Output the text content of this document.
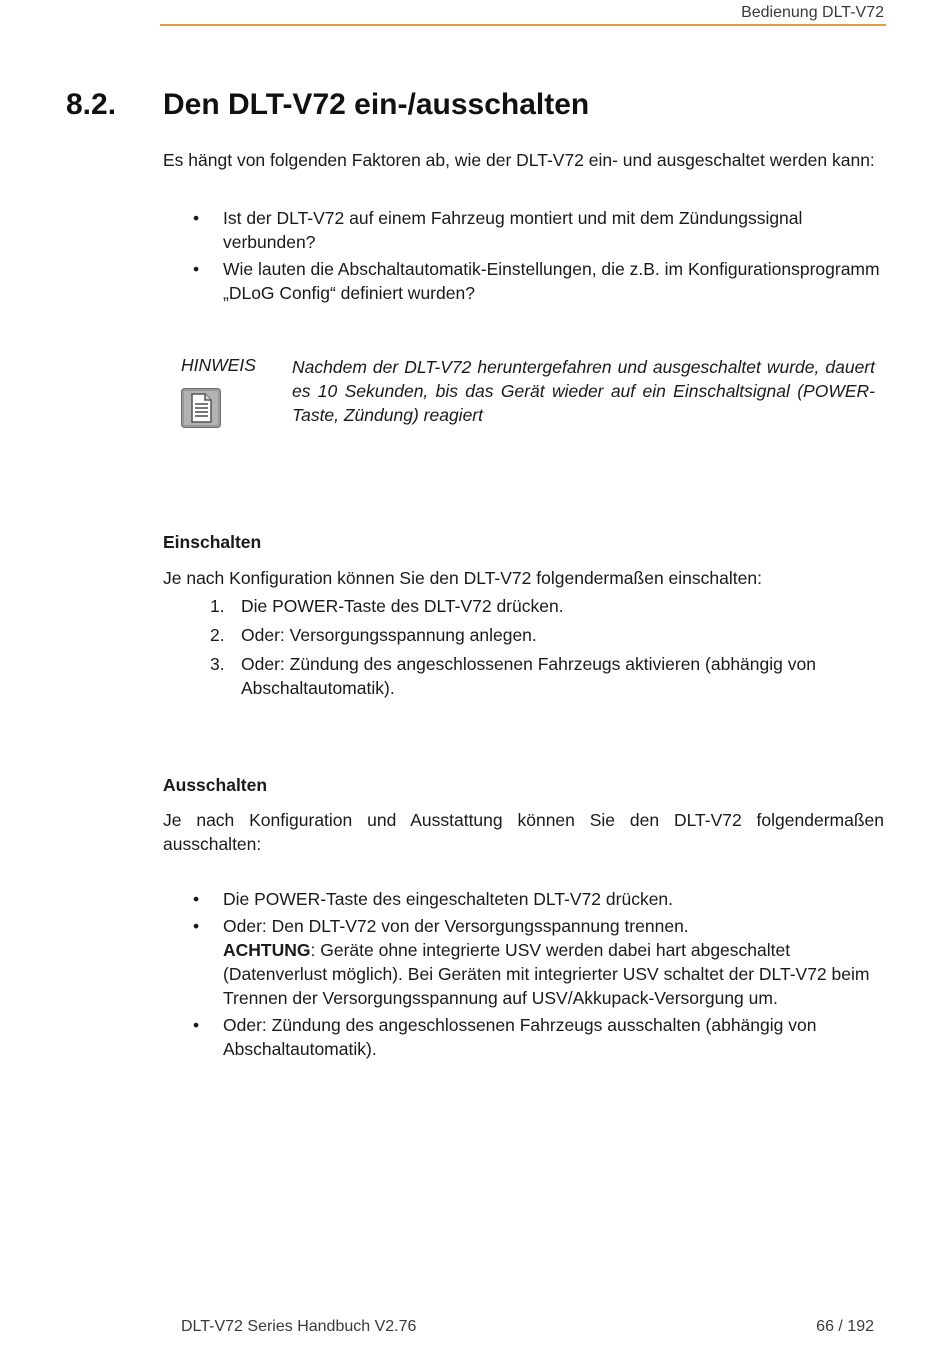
Bedienung DLT-V72
8.2. Den DLT-V72 ein-/ausschalten
Es hängt von folgenden Faktoren ab, wie der DLT-V72 ein- und ausgeschaltet werden kann:
• Ist der DLT-V72 auf einem Fahrzeug montiert und mit dem Zündungssignal verbunden?
• Wie lauten die Abschaltautomatik-Einstellungen, die z.B. im Konfigurationsprogramm „DLoG Config“ definiert wurden?
HINWEIS Nachdem der DLT-V72 heruntergefahren und ausgeschaltet wurde, dauert es 10 Sekunden, bis das Gerät wieder auf ein Einschaltsignal (POWER-Taste, Zündung) reagiert
Einschalten
Je nach Konfiguration können Sie den DLT-V72 folgendermaßen einschalten:
1. Die POWER-Taste des DLT-V72 drücken.
2. Oder: Versorgungsspannung anlegen.
3. Oder: Zündung des angeschlossenen Fahrzeugs aktivieren (abhängig von Abschaltautomatik).
Ausschalten
Je nach Konfiguration und Ausstattung können Sie den DLT-V72 folgendermaßen ausschalten:
• Die POWER-Taste des eingeschalteten DLT-V72 drücken.
• Oder: Den DLT-V72 von der Versorgungsspannung trennen.
ACHTUNG: Geräte ohne integrierte USV werden dabei hart abgeschaltet (Datenverlust möglich). Bei Geräten mit integrierter USV schaltet der DLT-V72 beim Trennen der Versorgungsspannung auf USV/Akkupack-Versorgung um.
• Oder: Zündung des angeschlossenen Fahrzeugs ausschalten (abhängig von Abschaltautomatik).
DLT-V72 Series Handbuch V2.76	66 / 192
